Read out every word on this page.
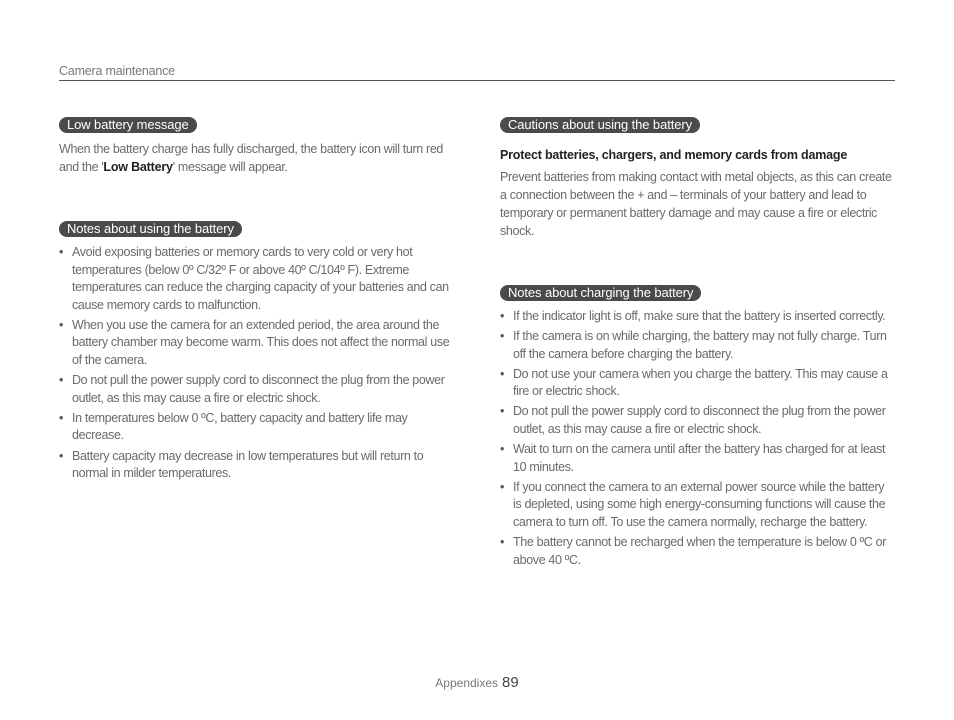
Camera maintenance
Low battery message

When the battery charge has fully discharged, the battery icon will turn red and the 'Low Battery' message will appear.

Notes about using the battery
• Avoid exposing batteries or memory cards to very cold or very hot temperatures (below 0º C/32º F or above 40º C/104º F). Extreme temperatures can reduce the charging capacity of your batteries and can cause memory cards to malfunction.
• When you use the camera for an extended period, the area around the battery chamber may become warm. This does not affect the normal use of the camera.
• Do not pull the power supply cord to disconnect the plug from the power outlet, as this may cause a fire or electric shock.
• In temperatures below 0 ºC, battery capacity and battery life may decrease.
• Battery capacity may decrease in low temperatures but will return to normal in milder temperatures.
Cautions about using the battery

Protect batteries, chargers, and memory cards from damage

Prevent batteries from making contact with metal objects, as this can create a connection between the + and – terminals of your battery and lead to temporary or permanent battery damage and may cause a fire or electric shock.

Notes about charging the battery
• If the indicator light is off, make sure that the battery is inserted correctly.
• If the camera is on while charging, the battery may not fully charge. Turn off the camera before charging the battery.
• Do not use your camera when you charge the battery. This may cause a fire or electric shock.
• Do not pull the power supply cord to disconnect the plug from the power outlet, as this may cause a fire or electric shock.
• Wait to turn on the camera until after the battery has charged for at least 10 minutes.
• If you connect the camera to an external power source while the battery is depleted, using some high energy-consuming functions will cause the camera to turn off. To use the camera normally, recharge the battery.
• The battery cannot be recharged when the temperature is below 0 ºC or above 40 ºC.
Appendixes 89
